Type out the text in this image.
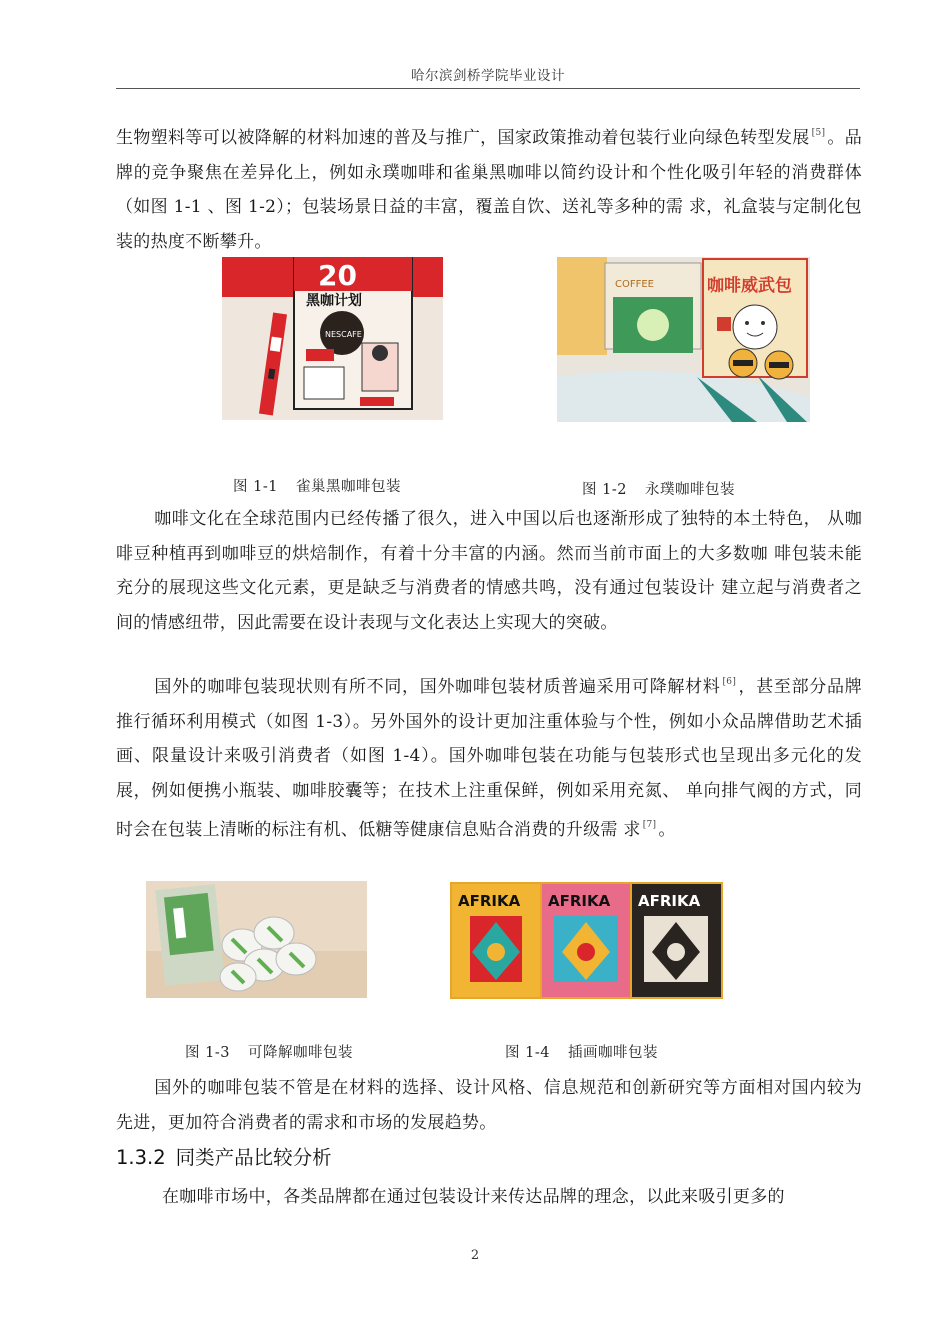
哈尔滨剑桥学院毕业设计
生物塑料等可以被降解的材料加速的普及与推广，国家政策推动着包装行业向绿色转型发展 [5] 。品牌的竞争聚焦在差异化上，例如永璞咖啡和雀巢黑咖啡以简约设计和个性化吸引年轻的消费群体（如图 1-1 、图 1-2）；包装场景日益的丰富，覆盖自饮、送礼等多种的需 求，礼盒装与定制化包装的热度不断攀升。
20
黑咖计划
NESCAFE
COFFEE	咖啡威武包
图 1-1 雀巢黑咖啡包装	图 1-2 永璞咖啡包装
咖啡文化在全球范围内已经传播了很久，进入中国以后也逐渐形成了独特的本土特色， 从咖啡豆种植再到咖啡豆的烘焙制作，有着十分丰富的内涵。然而当前市面上的大多数咖 啡包装未能充分的展现这些文化元素，更是缺乏与消费者的情感共鸣，没有通过包装设计 建立起与消费者之间的情感纽带，因此需要在设计表现与文化表达上实现大的突破。
国外的咖啡包装现状则有所不同，国外咖啡包装材质普遍采用可降解材料 [6] ，甚至部分品牌推行循环利用模式（如图 1-3）。另外国外的设计更加注重体验与个性，例如小众品牌借助艺术插画、限量设计来吸引消费者（如图 1-4）。国外咖啡包装在功能与包装形式也呈现出多元化的发展，例如便携小瓶装、咖啡胶囊等；在技术上注重保鲜，例如采用充氮、 单向排气阀的方式，同时会在包装上清晰的标注有机、低糖等健康信息贴合消费的升级需 求 [7] 。
AFRIKA AFRIKA AFRIKA
图 1-3 可降解咖啡包装	图 1-4 插画咖啡包装
国外的咖啡包装不管是在材料的选择、设计风格、信息规范和创新研究等方面相对国内较为先进，更加符合消费者的需求和市场的发展趋势。
1.3.2 同类产品比较分析
在咖啡市场中，各类品牌都在通过包装设计来传达品牌的理念，以此来吸引更多的
2
